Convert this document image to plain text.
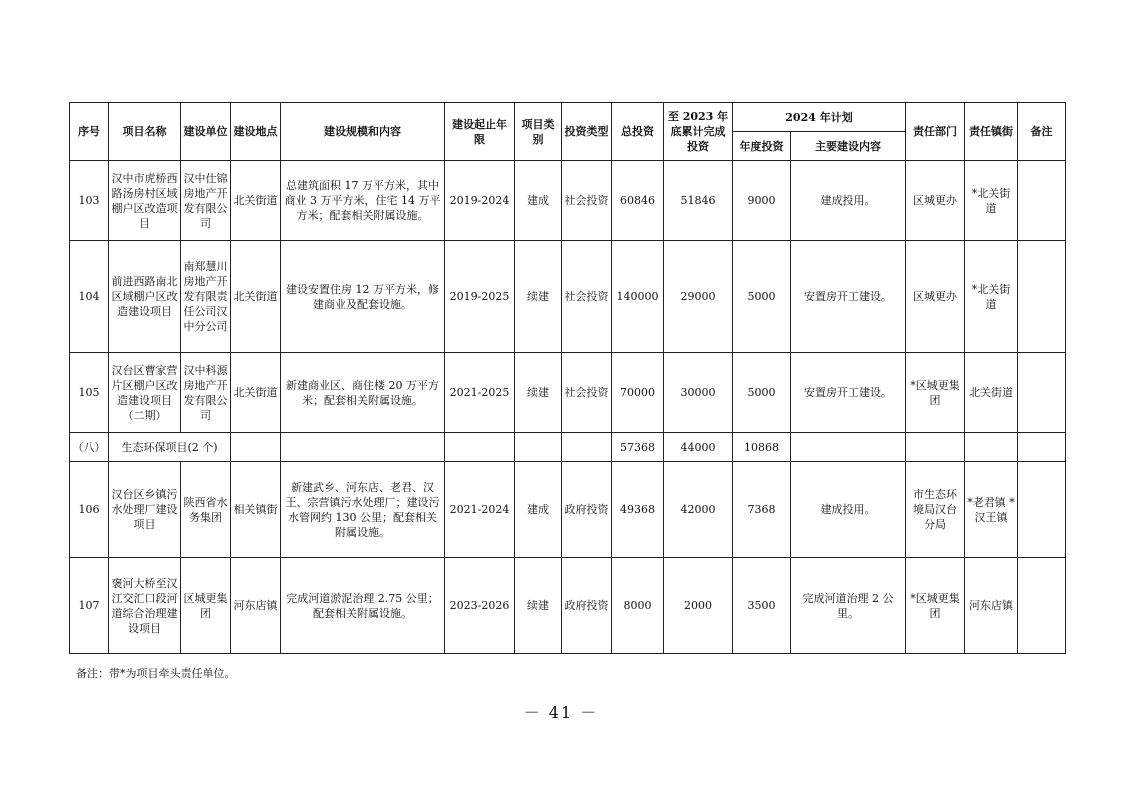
序号	项目名称	建设单位	建设地点	建设规模和内容	建设起止年限	项目类别	投资类型	总投资	至 2023 年底累计完成投资	2024 年计划		责任部门	责任镇街	备注
										年度投资	主要建设内容			
103	汉中市虎桥西路汤房村区域棚户区改造项目	汉中仕锦房地产开发有限公司	北关街道	总建筑面积 17 万平方米，其中商业 3 万平方米，住宅 14 万平方米；配套相关附属设施。	2019-2024	建成	社会投资	60846	51846	9000	建成投用。	区城更办	*北关街道	
104	前进西路南北区域棚户区改造建设项目	南郑慧川房地产开发有限责任公司汉中分公司	北关街道	建设安置住房 12 万平方米，修建商业及配套设施。	2019-2025	续建	社会投资	140000	29000	5000	安置房开工建设。	区城更办	*北关街道	
105	汉台区曹家营片区棚户区改造建设项目（二期）	汉中科源房地产开发有限公司	北关街道	新建商业区、商住楼 20 万平方米；配套相关附属设施。	2021-2025	续建	社会投资	70000	30000	5000	安置房开工建设。	*区城更集团	北关街道	
（八）	生态环保项目(2 个)							57368	44000	10868				
106	汉台区乡镇污水处理厂建设项目	陕西省水务集团	相关镇街	新建武乡、河东店、老君、汉王、宗营镇污水处理厂；建设污水管网约 130 公里；配套相关附属设施。	2021-2024	建成	政府投资	49368	42000	7368	建成投用。	市生态环境局汉台分局	*老君镇 *汉王镇	
107	褒河大桥至汉江交汇口段河道综合治理建设项目	区城更集团	河东店镇	完成河道淤泥治理 2.75 公里；配套相关附属设施。	2023-2026	续建	政府投资	8000	2000	3500	完成河道治理 2 公里。	*区城更集团	河东店镇	
备注：带*为项目牵头责任单位。
－ 41 －
